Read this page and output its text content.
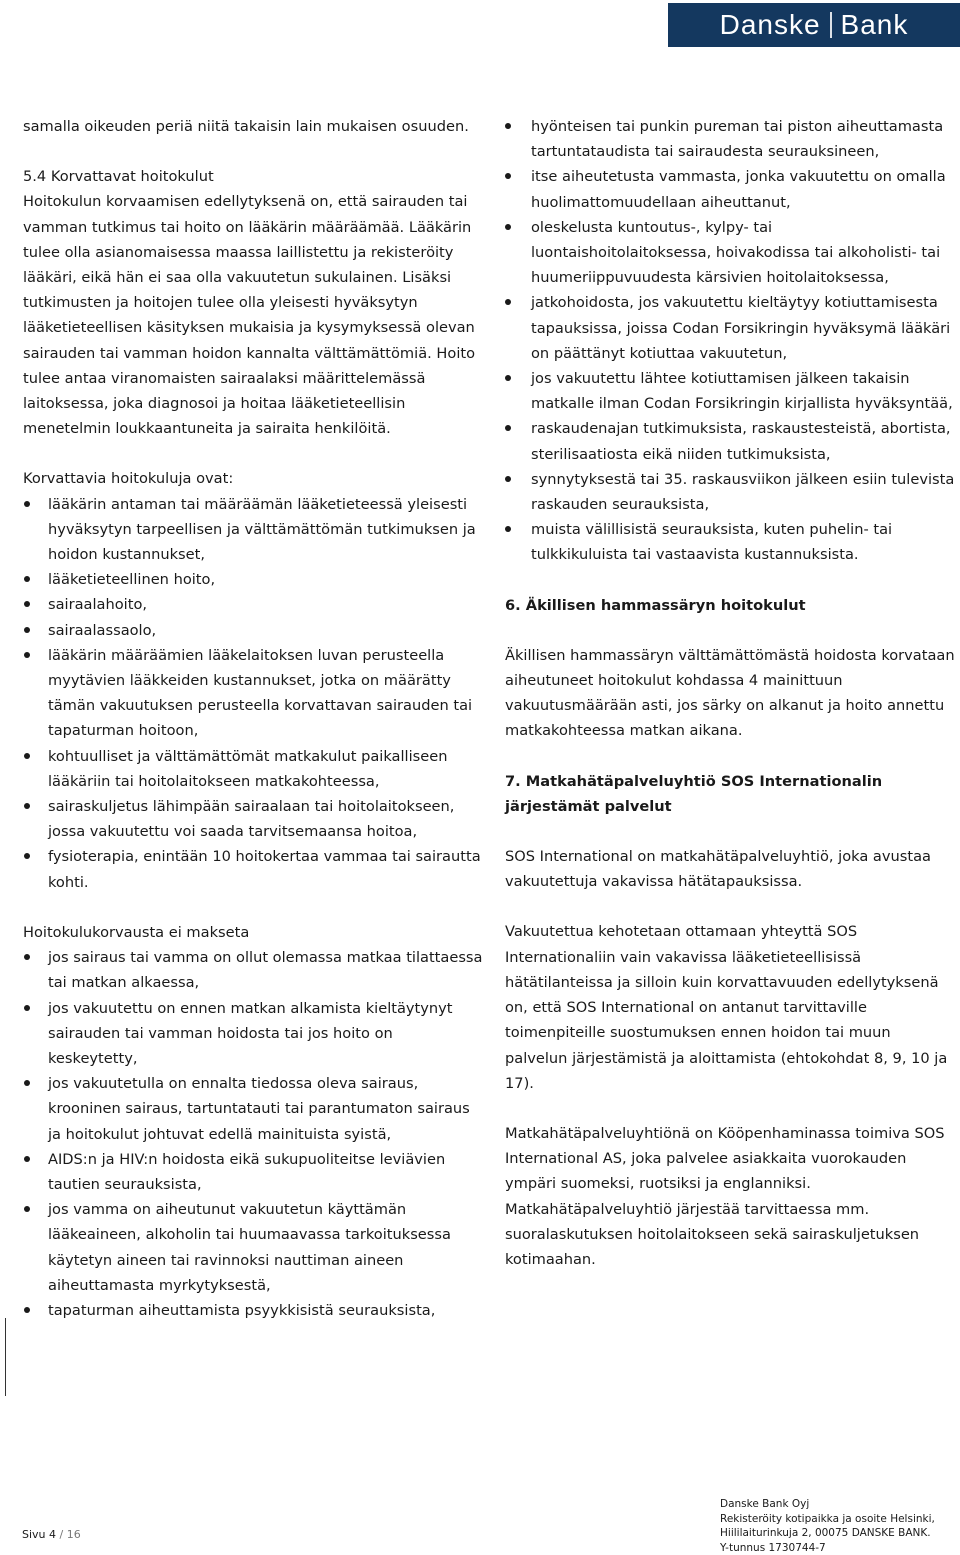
Danske Bank

samalla oikeuden periä niitä takaisin lain mukaisen osuuden.

5.4 Korvattavat hoitokulut

Hoitokulun korvaamisen edellytyksenä on, että sairauden tai vamman tutkimus tai hoito on lääkärin määräämää. Lääkärin tulee olla asianomaisessa maassa laillistettu ja rekisteröity lääkäri, eikä hän ei saa olla vakuutetun sukulainen. Lisäksi tutkimusten ja hoitojen tulee olla yleisesti hyväksytyn lääketieteellisen käsityksen mukaisia ja kysymyksessä olevan sairauden tai vamman hoidon kannalta välttämättömiä. Hoito tulee antaa viranomaisten sairaalaksi määrittelemässä laitoksessa, joka diagnosoi ja hoitaa lääketieteellisin menetelmin loukkaantuneita ja sairaita henkilöitä.

Korvattavia hoitokuluja ovat:

lääkärin antaman tai määräämän lääketieteessä yleisesti hyväksytyn tarpeellisen ja välttämättömän tutkimuksen ja hoidon kustannukset,
lääketieteellinen hoito,
sairaalahoito,
sairaalassaolo,
lääkärin määräämien lääkelaitoksen luvan perusteella myytävien lääkkeiden kustannukset, jotka on määrätty tämän vakuutuksen perusteella korvattavan sairauden tai tapaturman hoitoon,
kohtuulliset ja välttämättömät matkakulut paikalliseen lääkäriin tai hoitolaitokseen matkakohteessa,
sairaskuljetus lähimpään sairaalaan tai hoitolaitokseen, jossa vakuutettu voi saada tarvitsemaansa hoitoa,
fysioterapia, enintään 10 hoitokertaa vammaa tai sairautta kohti.

Hoitokulukorvausta ei makseta

jos sairaus tai vamma on ollut olemassa matkaa tilattaessa tai matkan alkaessa,
jos vakuutettu on ennen matkan alkamista kieltäytynyt sairauden tai vamman hoidosta tai jos hoito on keskeytetty,
jos vakuutetulla on ennalta tiedossa oleva sairaus, krooninen sairaus, tartuntatauti tai parantumaton sairaus ja hoitokulut johtuvat edellä mainituista syistä,
AIDS:n ja HIV:n hoidosta eikä sukupuoliteitse leviävien tautien seurauksista,
jos vamma on aiheutunut vakuutetun käyttämän lääkeaineen, alkoholin tai huumaavassa tarkoituksessa käytetyn aineen tai ravinnoksi nauttiman aineen aiheuttamasta myrkytyksestä,
tapaturman aiheuttamista psyykkisistä seurauksista,
hyönteisen tai punkin pureman tai piston aiheuttamasta tartuntataudista tai sairaudesta seurauksineen,
itse aiheutetusta vammasta, jonka vakuutettu on omalla huolimattomuudellaan aiheuttanut,
oleskelusta kuntoutus-, kylpy- tai luontaishoitolaitoksessa, hoivakodissa tai alkoholisti- tai huumeriippuvuudesta kärsivien hoitolaitoksessa,
jatkohoidosta, jos vakuutettu kieltäytyy kotiuttamisesta tapauksissa, joissa Codan Forsikringin hyväksymä lääkäri on päättänyt kotiuttaa vakuutetun,
jos vakuutettu lähtee kotiuttamisen jälkeen takaisin matkalle ilman Codan Forsikringin kirjallista hyväksyntää,
raskaudenajan tutkimuksista, raskaustesteistä, abortista, sterilisaatiosta eikä niiden tutkimuksista,
synnytyksestä tai 35. raskausviikon jälkeen esiin tulevista raskauden seurauksista,
muista välillisistä seurauksista, kuten puhelin- tai tulkkikuluista tai vastaavista kustannuksista.

6. Äkillisen hammassäryn hoitokulut

Äkillisen hammassäryn välttämättömästä hoidosta korvataan aiheutuneet hoitokulut kohdassa 4 mainittuun vakuutusmäärään asti, jos särky on alkanut ja hoito annettu matkakohteessa matkan aikana.

7. Matkahätäpalveluyhtiö SOS Internationalin järjestämät palvelut

SOS International on matkahätäpalveluyhtiö, joka avustaa vakuutettuja vakavissa hätätapauksissa.

Vakuutettua kehotetaan ottamaan yhteyttä SOS Internationaliin vain vakavissa lääketieteellisissä hätätilanteissa ja silloin kuin korvattavuuden edellytyksenä on, että SOS International on antanut tarvittaville toimenpiteille suostumuksen ennen hoidon tai muun palvelun järjestämistä ja aloittamista (ehtokohdat 8, 9, 10 ja 17).

Matkahätäpalveluyhtiönä on Kööpenhaminassa toimiva SOS International AS, joka palvelee asiakkaita vuorokauden ympäri suomeksi, ruotsiksi ja englanniksi. Matkahätäpalveluyhtiö järjestää tarvittaessa mm. suoralaskutuksen hoitolaitokseen sekä sairaskuljetuksen kotimaahan.

Sivu 4 / 16
Danske Bank Oyj
Rekisteröity kotipaikka ja osoite Helsinki,
Hiililaiturinkuja 2, 00075 DANSKE BANK.
Y-tunnus 1730744-7
